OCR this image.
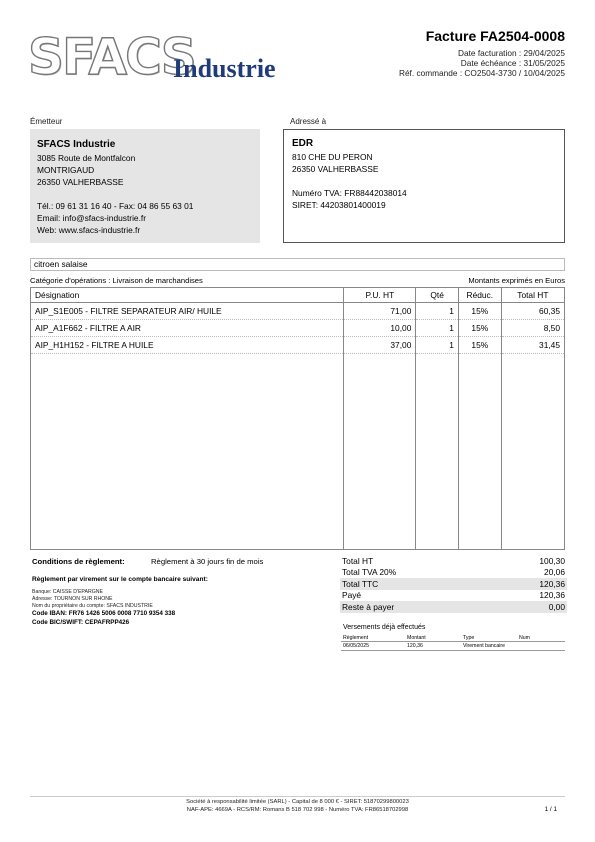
SFACS
Industrie
Facture FA2504-0008
Date facturation : 29/04/2025
Date échéance : 31/05/2025
Réf. commande : CO2504-3730 / 10/04/2025
Émetteur
SFACS Industrie
3085 Route de Montfalcon
MONTRIGAUD
26350 VALHERBASSE
Tél.: 09 61 31 16 40 - Fax: 04 86 55 63 01
Email: info@sfacs-industrie.fr
Web: www.sfacs-industrie.fr
Adressé à
EDR
810 CHE DU PERON
26350 VALHERBASSE
Numéro TVA: FR88442038014
SIRET: 44203801400019
citroen salaise
Catégorie d'opérations : Livraison de marchandises	Montants exprimés en Euros
Désignation	P.U. HT	Qté	Réduc.	Total HT
AIP_S1E005 - FILTRE SEPARATEUR AIR/ HUILE	71,00	1	15%	60,35
AIP_A1F662 - FILTRE A AIR	10,00	1	15%	8,50
AIP_H1H152 - FILTRE A HUILE	37,00	1	15%	31,45

Conditions de règlement:	Règlement à 30 jours fin de mois
Règlement par virement sur le compte bancaire suivant:
Banque: CAISSE D'EPARGNE
Adresse: TOURNON SUR RHONE
Nom du propriétaire du compte: SFACS INDUSTRIE
Code IBAN: FR76 1426 5006 0008 7710 9354 338
Code BIC/SWIFT: CEPAFRPP426
Total HT	100,30
Total TVA 20%	20,06
Total TTC	120,36
Payé	120,36
Reste à payer	0,00
Versements déjà effectués
Règlement	Montant	Type	Num
06/05/2025	120,36	Virement bancaire	
Société à responsabilité limitée (SARL) - Capital de 8 000 € - SIRET: 51870299800023
NAF-APE: 4669A - RCS/RM: Romans B 518 702 998 - Numéro TVA: FR86518702998	1 / 1
